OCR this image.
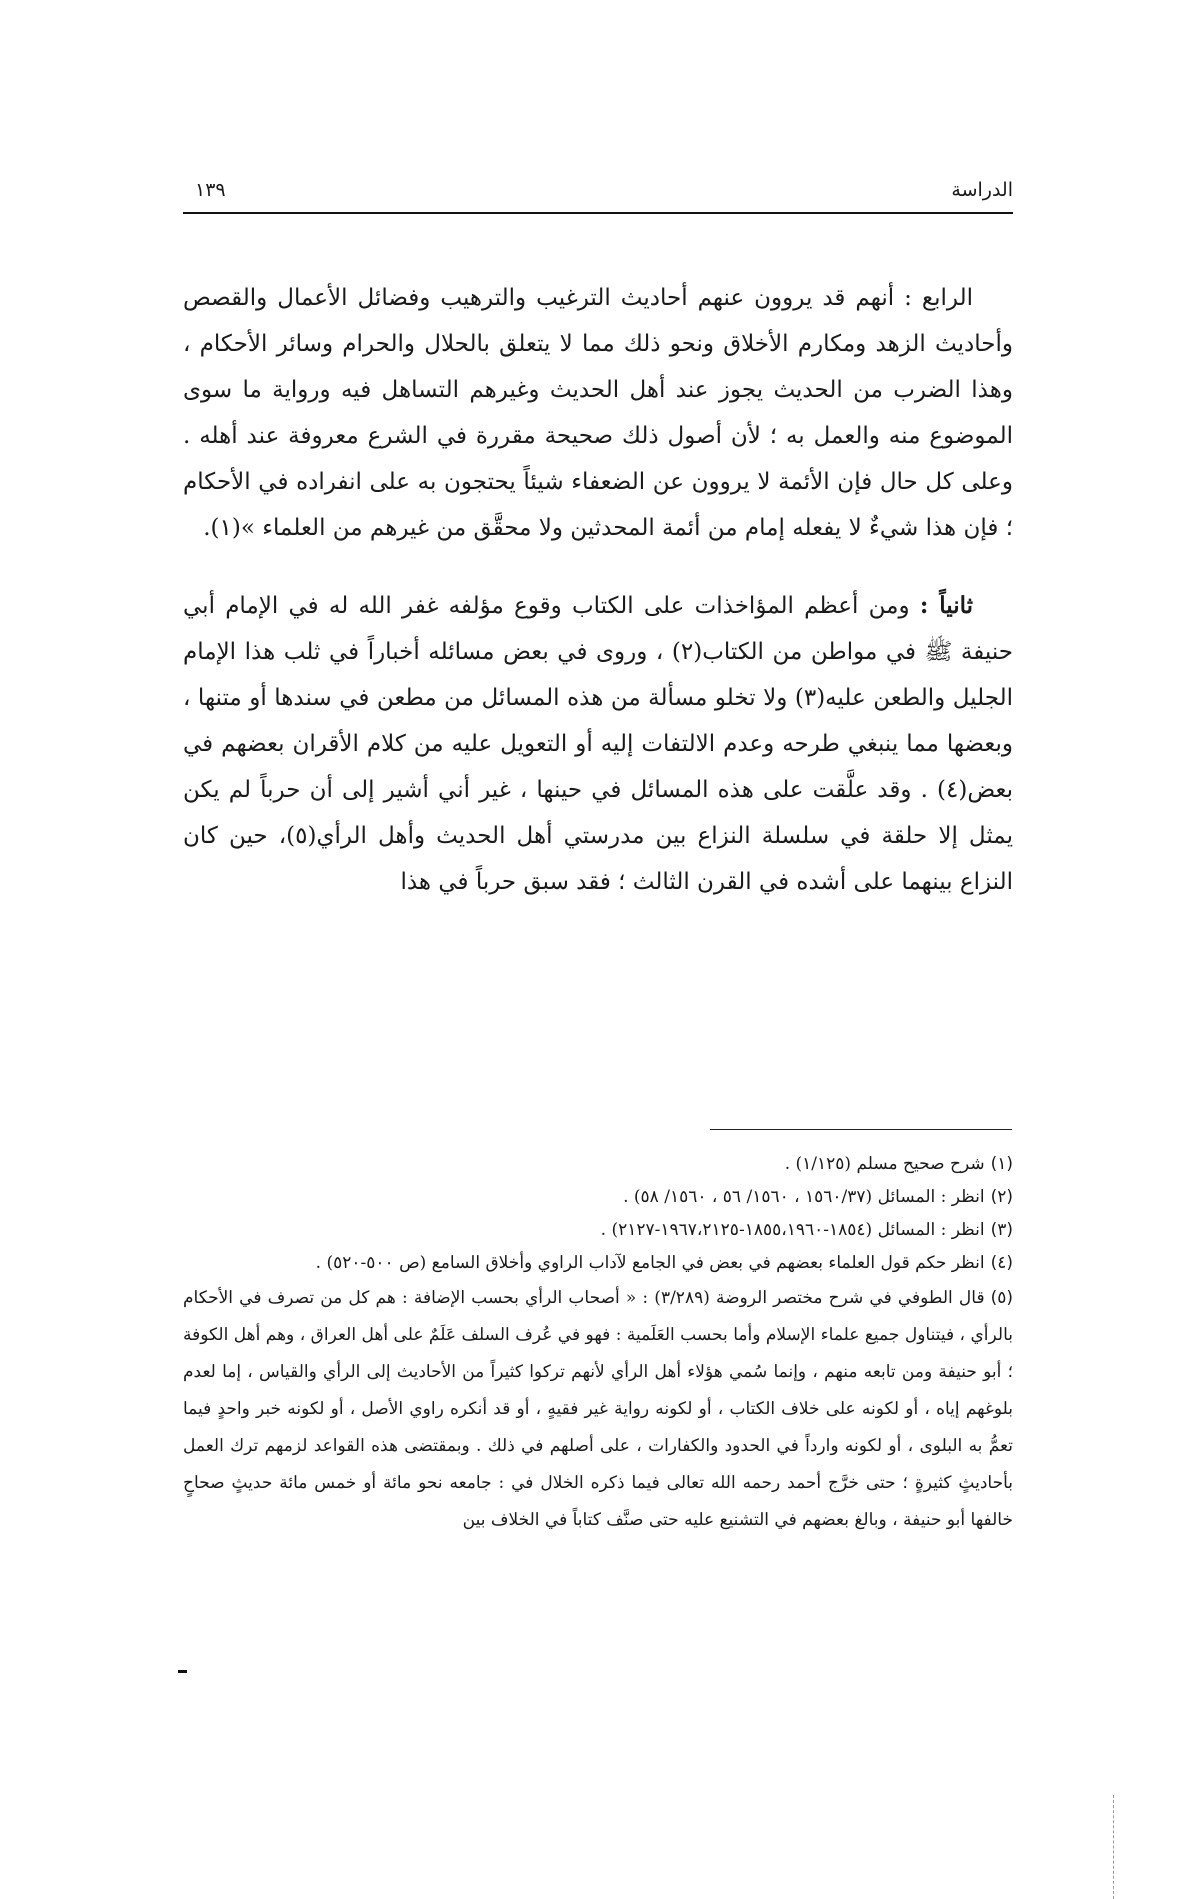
الدراسة
١٣٩

الرابع : أنهم قد يروون عنهم أحاديث الترغيب والترهيب وفضائل الأعمال والقصص وأحاديث الزهد ومكارم الأخلاق ونحو ذلك مما لا يتعلق بالحلال والحرام وسائر الأحكام ، وهذا الضرب من الحديث يجوز عند أهل الحديث وغيرهم التساهل فيه ورواية ما سوى الموضوع منه والعمل به ؛ لأن أصول ذلك صحيحة مقررة في الشرع معروفة عند أهله . وعلى كل حال فإن الأئمة لا يروون عن الضعفاء شيئاً يحتجون به على انفراده في الأحكام ؛ فإن هذا شيءٌ لا يفعله إمام من أئمة المحدثين ولا محقَّق من غيرهم من العلماء »(١).

ثانياً : ومن أعظم المؤاخذات على الكتاب وقوع مؤلفه غفر الله له في الإمام أبي حنيفة ﷺ في مواطن من الكتاب(٢) ، وروى في بعض مسائله أخباراً في ثلب هذا الإمام الجليل والطعن عليه(٣) ولا تخلو مسألة من هذه المسائل من مطعن في سندها أو متنها ، وبعضها مما ينبغي طرحه وعدم الالتفات إليه أو التعويل عليه من كلام الأقران بعضهم في بعض(٤) . وقد علَّقت على هذه المسائل في حينها ، غير أني أشير إلى أن حرباً لم يكن يمثل إلا حلقة في سلسلة النزاع بين مدرستي أهل الحديث وأهل الرأي(٥)، حين كان النزاع بينهما على أشده في القرن الثالث ؛ فقد سبق حرباً في هذا

(١)شرح صحيح مسلم (١/١٢٥) .
(٢)انظر : المسائل (١٥٦٠/٣٧ ، ١٥٦٠/ ٥٦ ، ١٥٦٠/ ٥٨) .
(٣)انظر : المسائل (١٨٥٤-١٨٥٥،١٩٦٠-١٩٦٧،٢١٢٥-٢١٢٧) .
(٤)انظر حكم قول العلماء بعضهم في بعض في الجامع لآداب الراوي وأخلاق السامع (ص ٥٠٠-٥٢٠) .
(٥)قال الطوفي في شرح مختصر الروضة (٣/٢٨٩) : « أصحاب الرأي بحسب الإضافة : هم كل من تصرف في الأحكام بالرأي ، فيتناول جميع علماء الإسلام وأما بحسب العَلَمية : فهو في عُرف السلف عَلَمٌ على أهل العراق ، وهم أهل الكوفة ؛ أبو حنيفة ومن تابعه منهم ، وإنما سُمي هؤلاء أهل الرأي لأنهم تركوا كثيراً من الأحاديث إلى الرأي والقياس ، إما لعدم بلوغهم إياه ، أو لكونه على خلاف الكتاب ، أو لكونه رواية غير فقيهٍ ، أو قد أنكره راوي الأصل ، أو لكونه خبر واحدٍ فيما تعمُّ به البلوى ، أو لكونه وارداً في الحدود والكفارات ، على أصلهم في ذلك . وبمقتضى هذه القواعد لزمهم ترك العمل بأحاديثٍ كثيرةٍ ؛ حتى خرَّج أحمد رحمه الله تعالى فيما ذكره الخلال في : جامعه نحو مائة أو خمس مائة حديثٍ صحاحٍ خالفها أبو حنيفة ، وبالغ بعضهم في التشنيع عليه حتى صنَّف كتاباً في الخلاف بين
